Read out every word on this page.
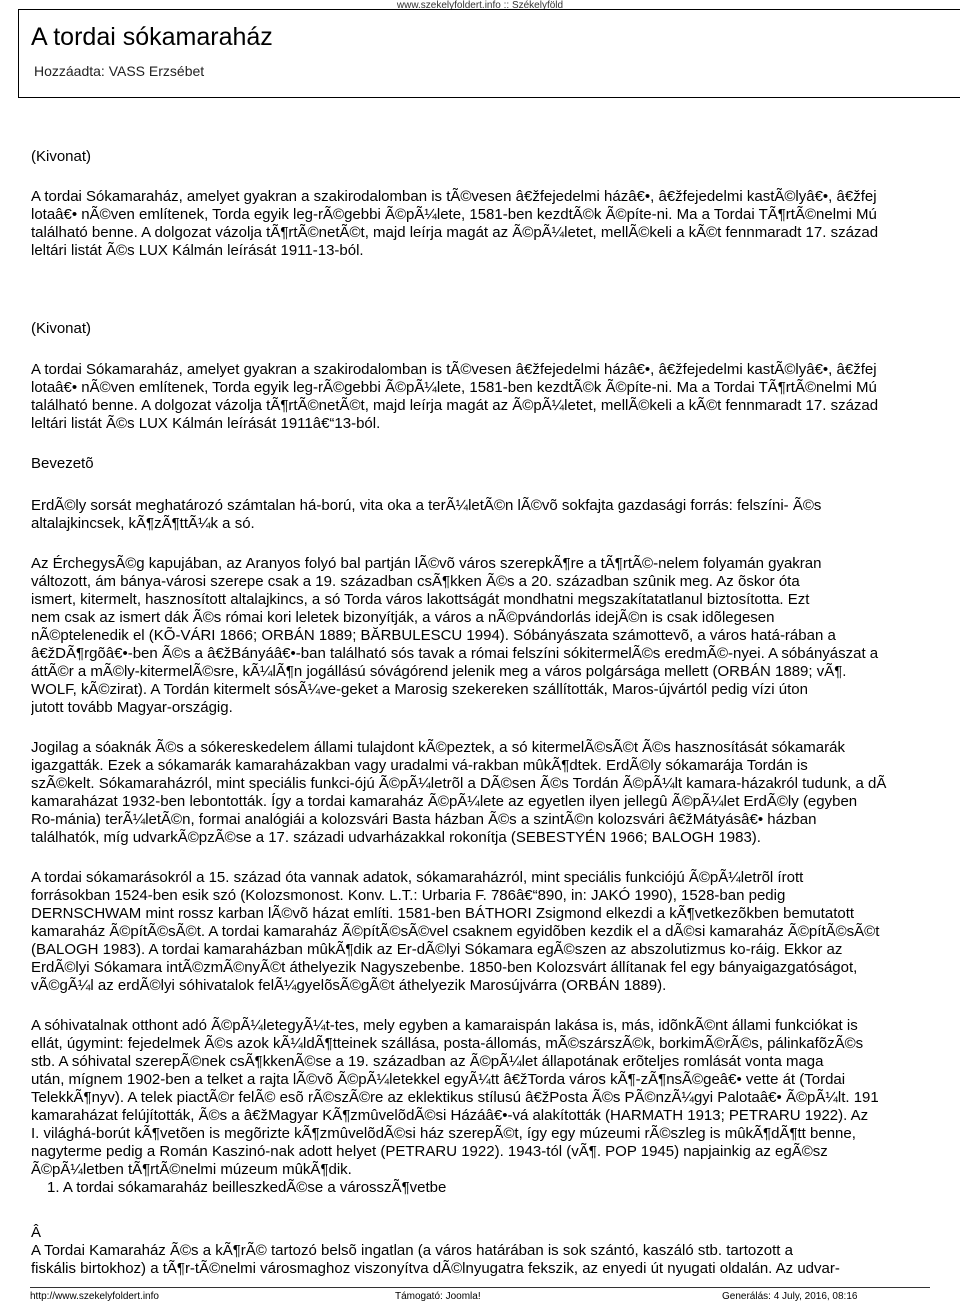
www.szekelyfoldert.info :: Székelyföld
A tordai sókamaraház
Hozzáadta: VASS Erzsébet
(Kivonat)
A tordai Sókamaraház, amelyet gyakran a szakirodalomban is tÃ©vesen â€žfejedelmi házâ€•, â€žfejedelmi kastÃ©lyâ€•, â€žfej
lotaâ€• nÃ©ven említenek, Torda egyik leg-rÃ©gebbi Ã©pÃ¼lete, 1581-ben kezdtÃ©k Ã©píte-ni. Ma a Tordai TÃ¶rtÃ©nelmi Mú
található benne. A dolgozat vázolja tÃ¶rtÃ©netÃ©t, majd leírja magát az Ã©pÃ¼letet, mellÃ©keli a kÃ©t fennmaradt 17. század
leltári listát Ã©s LUX Kálmán leírását 1911-13-ból.
(Kivonat)
A tordai Sókamaraház, amelyet gyakran a szakirodalomban is tÃ©vesen â€žfejedelmi házâ€•, â€žfejedelmi kastÃ©lyâ€•, â€žfej
lotaâ€• nÃ©ven említenek, Torda egyik leg-rÃ©gebbi Ã©pÃ¼lete, 1581-ben kezdtÃ©k Ã©píte-ni. Ma a Tordai TÃ¶rtÃ©nelmi Mú
található benne. A dolgozat vázolja tÃ¶rtÃ©netÃ©t, majd leírja magát az Ã©pÃ¼letet, mellÃ©keli a kÃ©t fennmaradt 17. század
leltári listát Ã©s LUX Kálmán leírását 1911â€“13-ból.
Bevezetõ
ErdÃ©ly sorsát meghatározó számtalan há-ború, vita oka a terÃ¼letÃ©n lÃ©võ sokfajta gazdasági forrás: felszíni- Ã©s
altalajkincsek, kÃ¶zÃ¶ttÃ¼k a só.
Az ÉrchegysÃ©g kapujában, az Aranyos folyó bal partján lÃ©võ város szerepkÃ¶re a tÃ¶rtÃ©-nelem folyamán gyakran
változott, ám bánya-városi szerepe csak a 19. században csÃ¶kken Ã©s a 20. században szûnik meg. Az õskor óta
ismert, kitermelt, hasznosított altalajkincs, a só Torda város lakottságát mondhatni megszakítatatlanul biztosította. Ezt
nem csak az ismert dák Ã©s római kori leletek bizonyítják, a város a nÃ©pvándorlás idejÃ©n is csak idõlegesen
nÃ©ptelenedik el (KÕ-VÁRI 1866; ORBÁN 1889; BĂRBULESCU 1994). Sóbányászata számottevõ, a város hatá-rában a
â€žDÃ¶rgõâ€•-ben Ã©s a â€žBányáâ€•-ban található sós tavak a római felszíni sókitermelÃ©s eredmÃ©-nyei. A sóbányászat a
áttÃ©r a mÃ©ly-kitermelÃ©sre, kÃ¼lÃ¶n jogállású sóvágórend jelenik meg a város polgársága mellett (ORBÁN 1889; vÃ¶.
WOLF, kÃ©zirat). A Tordán kitermelt sósÃ¼ve-geket a Marosig szekereken szállították, Maros-újvártól pedig vízi úton
jutott tovább Magyar-országig.
Jogilag a sóaknák Ã©s a sókereskedelem állami tulajdont kÃ©peztek, a só kitermelÃ©sÃ©t Ã©s hasznosítását sókamarák
igazgatták. Ezek a sókamarák kamaraházakban vagy uradalmi vá-rakban mûkÃ¶dtek. ErdÃ©ly sókamarája Tordán is
szÃ©kelt. Sókamaraházról, mint speciális funkci-ójú Ã©pÃ¼letrõl a DÃ©sen Ã©s Tordán Ã©pÃ¼lt kamara-házakról tudunk, a dÃ
kamaraházat 1932-ben lebontották. Így a tordai kamaraház Ã©pÃ¼lete az egyetlen ilyen jellegû Ã©pÃ¼let ErdÃ©ly (egyben
Ro-mánia) terÃ¼letÃ©n, formai analógiái a kolozsvári Basta házban Ã©s a szintÃ©n kolozsvári â€žMátyásâ€• házban
találhatók, míg udvarkÃ©pzÃ©se a 17. századi udvarházakkal rokonítja (SEBESTYÉN 1966; BALOGH 1983).
A tordai sókamarásokról a 15. század óta vannak adatok, sókamaraházról, mint speciális funkciójú Ã©pÃ¼letrõl írott
forrásokban 1524-ben esik szó (Kolozsmonost. Konv. L.T.: Urbaria F. 786â€“890, in: JAKÓ 1990), 1528-ban pedig
DERNSCHWAM mint rossz karban lÃ©võ házat említi. 1581-ben BÁTHORI Zsigmond elkezdi a kÃ¶vetkezõkben bemutatott
kamaraház Ã©pítÃ©sÃ©t. A tordai kamaraház Ã©pítÃ©sÃ©vel csaknem egyidõben kezdik el a dÃ©si kamaraház Ã©pítÃ©sÃ©t
(BALOGH 1983). A tordai kamaraházban mûkÃ¶dik az Er-dÃ©lyi Sókamara egÃ©szen az abszolutizmus ko-ráig. Ekkor az
ErdÃ©lyi Sókamara intÃ©zmÃ©nyÃ©t áthelyezik Nagyszebenbe. 1850-ben Kolozsvárt állítanak fel egy bányaigazgatóságot,
vÃ©gÃ¼l az erdÃ©lyi sóhivatalok felÃ¼gyelõsÃ©gÃ©t áthelyezik Marosújvárra (ORBÁN 1889).
A sóhivatalnak otthont adó Ã©pÃ¼letegyÃ¼t-tes, mely egyben a kamaraispán lakása is, más, idõnkÃ©nt állami funkciókat is
ellát, úgymint: fejedelmek Ã©s azok kÃ¼ldÃ¶tteinek szállása, posta-állomás, mÃ©szárszÃ©k, borkimÃ©rÃ©s, pálinkafõzÃ©s
stb. A sóhivatal szerepÃ©nek csÃ¶kkenÃ©se a 19. században az Ã©pÃ¼let állapotának erõteljes romlását vonta maga
után, mígnem 1902-ben a telket a rajta lÃ©võ Ã©pÃ¼letekkel egyÃ¼tt â€žTorda város kÃ¶-zÃ¶nsÃ©geâ€• vette át (Tordai
TelekkÃ¶nyv). A telek piactÃ©r felÃ© esõ rÃ©szÃ©re az eklektikus stílusú â€žPosta Ã©s PÃ©nzÃ¼gyi Palotaâ€• Ã©pÃ¼lt. 191
kamaraházat felújították, Ã©s a â€žMagyar KÃ¶zmûvelõdÃ©si Házáâ€•-vá alakították (HARMATH 1913; PETRARU 1922). Az
I. világhá-borút kÃ¶vetõen is megõrizte kÃ¶zmûvelõdÃ©si ház szerepÃ©t, így egy múzeumi rÃ©szleg is mûkÃ¶dÃ¶tt benne,
nagyterme pedig a Román Kaszinó-nak adott helyet (PETRARU 1922). 1943-tól (vÃ¶. POP 1945) napjainkig az egÃ©sz
Ã©pÃ¼letben tÃ¶rtÃ©nelmi múzeum mûkÃ¶dik.
1. A tordai sókamaraház beilleszkedÃ©se a városszÃ¶vetbe
Â
A Tordai Kamaraház Ã©s a kÃ¶rÃ© tartozó belsõ ingatlan (a város határában is sok szántó, kaszáló stb. tartozott a
fiskális birtokhoz) a tÃ¶r-tÃ©nelmi városmaghoz viszonyítva dÃ©lnyugatra fekszik, az enyedi út nyugati oldalán. Az udvar-
http://www.szekelyfoldert.info	Támogató: Joomla!	Generálás: 4 July, 2016, 08:16
